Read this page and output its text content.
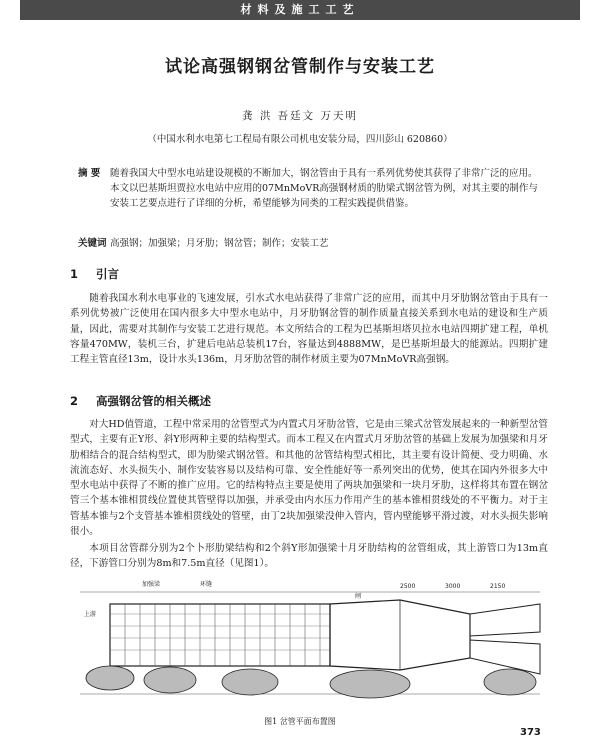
材料及施工工艺
试论高强钢钢岔管制作与安装工艺
龚 洪 吾廷文 万天明
（中国水利水电第七工程局有限公司机电安装分局，四川彭山 620860）
摘 要 随着我国大中型水电站建设规模的不断加大，钢岔管由于具有一系列优势使其获得了非常广泛的应用。本文以巴基斯坦贾拉水电站中应用的07MnMoVR高强钢材质的肋梁式钢岔管为例，对其主要的制作与安装工艺要点进行了详细的分析，希望能够为同类的工程实践提供借鉴。
关键词 高强钢；加强梁；月牙肋；钢岔管；制作；安装工艺
1 引言
随着我国水利水电事业的飞速发展，引水式水电站获得了非常广泛的应用，而其中月牙肋钢岔管由于具有一系列优势被广泛使用在国内很多大中型水电站中，月牙肋钢岔管的制作质量直接关系到水电站的建设和生产质量，因此，需要对其制作与安装工艺进行规范。本文所结合的工程为巴基斯坦塔贝拉水电站四期扩建工程，单机容量470MW，装机三台，扩建后电站总装机17台，容量达到4888MW，是巴基斯坦最大的能源站。四期扩建工程主管直径13m，设计水头136m，月牙肋岔管的制作材质主要为07MnMoVR高强钢。
2 高强钢岔管的相关概述
对大HD值管道，工程中常采用的岔管型式为内置式月牙肋岔管，它是由三梁式岔管发展起来的一种新型岔管型式，主要有正Y形、斜Y形两种主要的结构型式。而本工程又在内置式月牙肋岔管的基础上发展为加强梁和月牙肋相结合的混合结构型式，即为肋梁式钢岔管。和其他的岔管结构型式相比，其主要有设计简便、受力明确、水流流态好、水头损失小、制作安装容易以及结构可靠、安全性能好等一系列突出的优势，使其在国内外很多大中型水电站中获得了不断的推广应用。它的结构特点主要是使用了两块加强梁和一块月牙肋，这样将其布置在钢岔管三个基本锥相贯线位置使其管壁得以加强，并承受由内水压力作用产生的基本锥相贯线处的不平衡力。对于主管基本锥与2个支管基本锥相贯线处的管壁，由丁2块加强梁没伸入管内，管内壁能够平滑过渡，对水头损失影响很小。
本项目岔管群分别为2个卜形肋梁结构和2个斜Y形加强梁十月牙肋结构的岔管组成，其上游管口为13m直径，下游管口分别为8m和7.5m直径（见图1）。
加强梁	环缝
闸
上游
2500	3000	2150
图1 岔管平面布置图
373
